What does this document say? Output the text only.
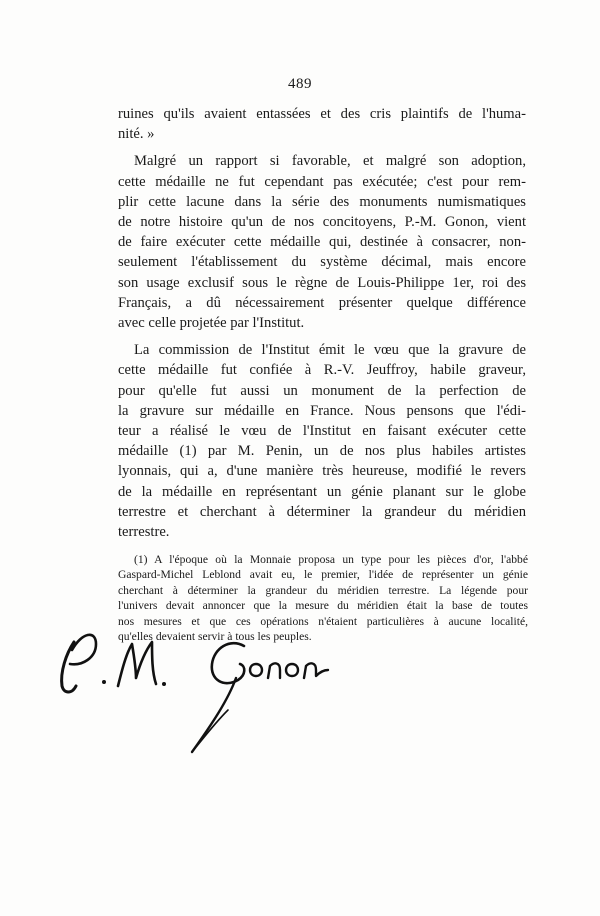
489

ruines qu'ils avaient entassées et des cris plaintifs de l'huma-
nité. »

Malgré un rapport si favorable, et malgré son adoption,
cette médaille ne fut cependant pas exécutée; c'est pour rem-
plir cette lacune dans la série des monuments numismatiques
de notre histoire qu'un de nos concitoyens, P.-M. Gonon, vient
de faire exécuter cette médaille qui, destinée à consacrer, non-
seulement l'établissement du système décimal, mais encore
son usage exclusif sous le règne de Louis-Philippe 1er, roi des
Français, a dû nécessairement présenter quelque différence
avec celle projetée par l'Institut.

La commission de l'Institut émit le vœu que la gravure de
cette médaille fut confiée à R.-V. Jeuffroy, habile graveur,
pour qu'elle fut aussi un monument de la perfection de
la gravure sur médaille en France. Nous pensons que l'édi-
teur a réalisé le vœu de l'Institut en faisant exécuter cette
médaille (1) par M. Penin, un de nos plus habiles artistes
lyonnais, qui a, d'une manière très heureuse, modifié le revers
de la médaille en représentant un génie planant sur le globe
terrestre et cherchant à déterminer la grandeur du méridien
terrestre.

(1) A l'époque où la Monnaie proposa un type pour les pièces d'or, l'abbé
Gaspard-Michel Leblond avait eu, le premier, l'idée de représenter un génie
cherchant à déterminer la grandeur du méridien terrestre. La légende pour
l'univers devait annoncer que la mesure du méridien était la base de toutes
nos mesures et que ces opérations n'étaient particulières à aucune localité,
qu'elles devaient servir à tous les peuples.
